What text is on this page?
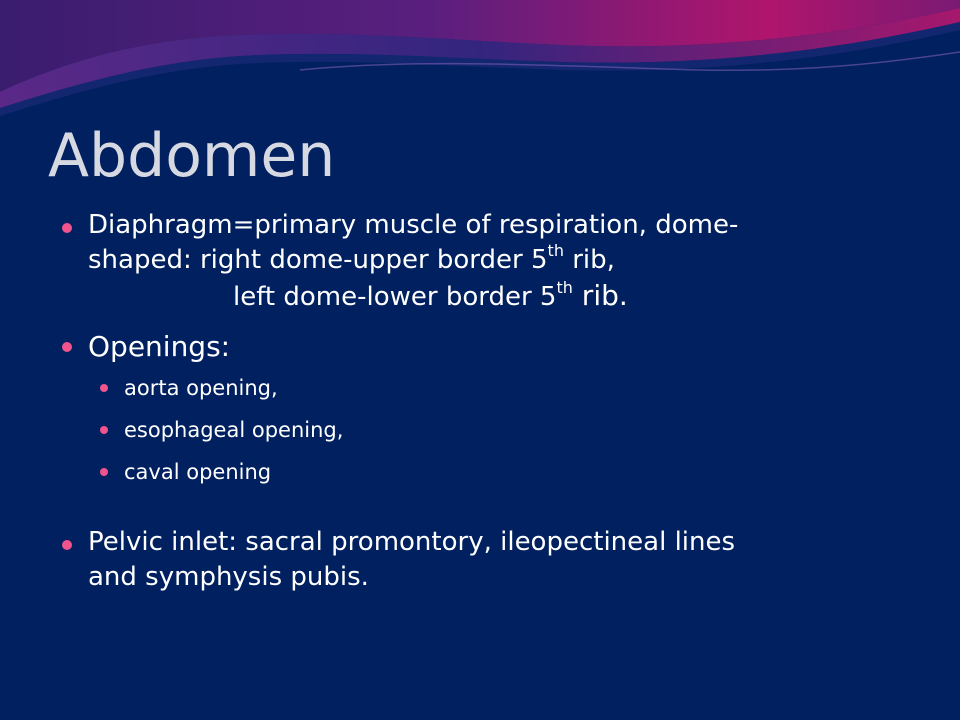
Abdomen
Diaphragm=primary muscle of respiration, dome-
shaped: right dome-upper border 5th rib,
left dome-lower border 5th rib.
Openings:
aorta opening,
esophageal opening,
caval opening
Pelvic inlet: sacral promontory, ileopectineal lines
and symphysis pubis.
